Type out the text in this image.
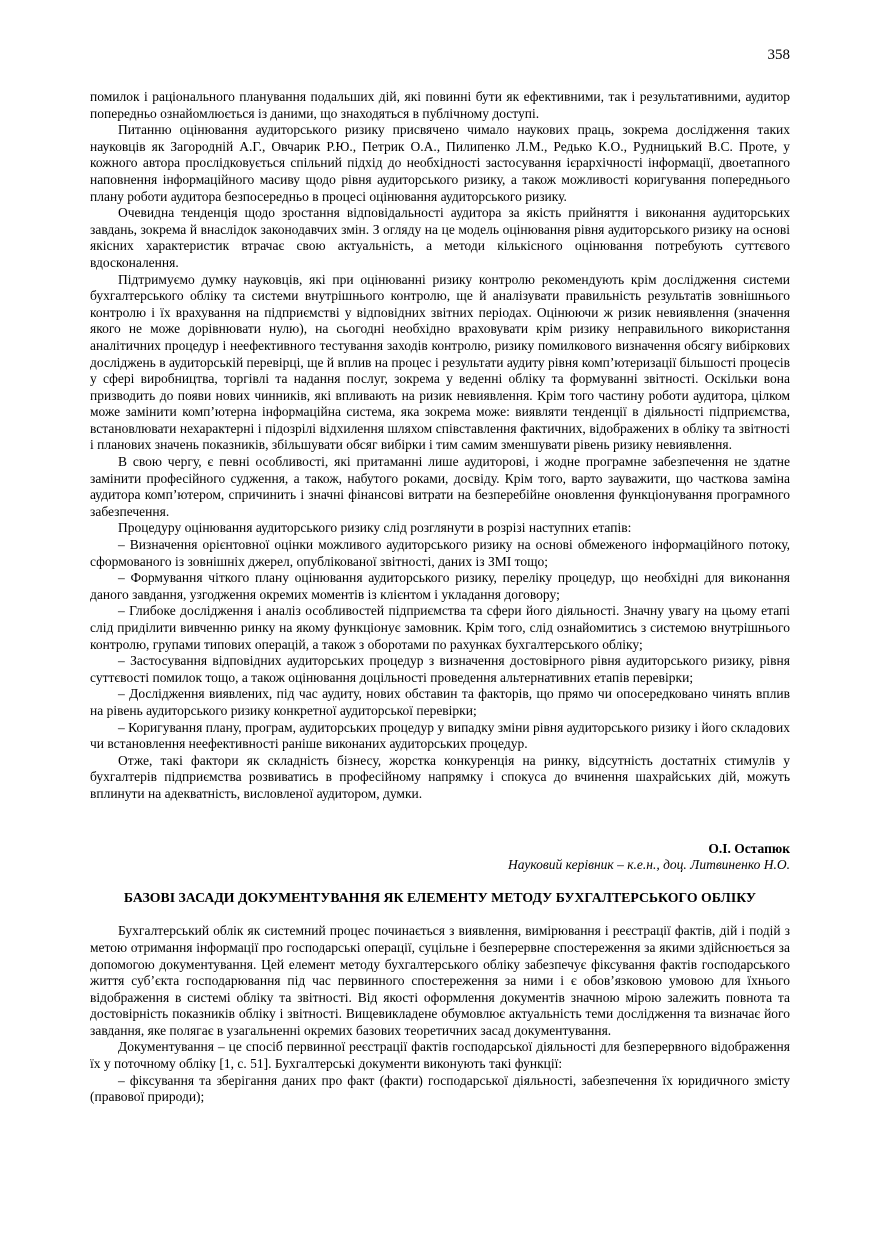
358

помилок і раціонального планування подальших дій, які повинні бути як ефективними, так і результативними, аудитор попередньо ознайомлюється із даними, що знаходяться в публічному доступі.

Питанню оцінювання аудиторського ризику присвячено чимало наукових праць, зокрема дослідження таких науковців як Загородній А.Г., Овчарик Р.Ю., Петрик О.А., Пилипенко Л.М., Редько К.О., Рудницький В.С. Проте, у кожного автора прослідковується спільний підхід до необхідності застосування ієрархічності інформації, двоетапного наповнення інформаційного масиву щодо рівня аудиторського ризику, а також можливості коригування попереднього плану роботи аудитора безпосередньо в процесі оцінювання аудиторського ризику.

Очевидна тенденція щодо зростання відповідальності аудитора за якість прийняття і виконання аудиторських завдань, зокрема й внаслідок законодавчих змін. З огляду на це модель оцінювання рівня аудиторського ризику на основі якісних характеристик втрачає свою актуальність, а методи кількісного оцінювання потребують суттєвого вдосконалення.

Підтримуємо думку науковців, які при оцінюванні ризику контролю рекомендують крім дослідження системи бухгалтерського обліку та системи внутрішнього контролю, ще й аналізувати правильність результатів зовнішнього контролю і їх врахування на підприємстві у відповідних звітних періодах. Оцінюючи ж ризик невиявлення (значення якого не може дорівнювати нулю), на сьогодні необхідно враховувати крім ризику неправильного використання аналітичних процедур і неефективного тестування заходів контролю, ризику помилкового визначення обсягу вибіркових досліджень в аудиторській перевірці, ще й вплив на процес і результати аудиту рівня комп’ютеризації більшості процесів у сфері виробництва, торгівлі та надання послуг, зокрема у веденні обліку та формуванні звітності. Оскільки вона призводить до появи нових чинників, які впливають на ризик невиявлення. Крім того частину роботи аудитора, цілком може замінити комп’ютерна інформаційна система, яка зокрема може: виявляти тенденції в діяльності підприємства, встановлювати нехарактерні і підозрілі відхилення шляхом співставлення фактичних, відображених в обліку та звітності і планових значень показників, збільшувати обсяг вибірки і тим самим зменшувати рівень ризику невиявлення.

В свою чергу, є певні особливості, які притаманні лише аудиторові, і жодне програмне забезпечення не здатне замінити професійного судження, а також, набутого роками, досвіду. Крім того, варто зауважити, що часткова заміна аудитора комп’ютером, спричинить і значні фінансові витрати на безперебійне оновлення функціонування програмного забезпечення.

Процедуру оцінювання аудиторського ризику слід розглянути в розрізі наступних етапів:

– Визначення орієнтовної оцінки можливого аудиторського ризику на основі обмеженого інформаційного потоку, сформованого із зовнішніх джерел, опублікованої звітності, даних із ЗМІ тощо;

– Формування чіткого плану оцінювання аудиторського ризику, переліку процедур, що необхідні для виконання даного завдання, узгодження окремих моментів із клієнтом і укладання договору;

– Глибоке дослідження і аналіз особливостей підприємства та сфери його діяльності. Значну увагу на цьому етапі слід приділити вивченню ринку на якому функціонує замовник. Крім того, слід ознайомитись з системою внутрішнього контролю, групами типових операцій, а також з оборотами по рахунках бухгалтерського обліку;

– Застосування відповідних аудиторських процедур з визначення достовірного рівня аудиторського ризику, рівня суттєвості помилок тощо, а також оцінювання доцільності проведення альтернативних етапів перевірки;

– Дослідження виявлених, під час аудиту, нових обставин та факторів, що прямо чи опосередковано чинять вплив на рівень аудиторського ризику конкретної аудиторської перевірки;

– Коригування плану, програм, аудиторських процедур у випадку зміни рівня аудиторського ризику і його складових чи встановлення неефективності раніше виконаних аудиторських процедур.

Отже, такі фактори як складність бізнесу, жорстка конкуренція на ринку, відсутність достатніх стимулів у бухгалтерів підприємства розвиватись в професійному напрямку і спокуса до вчинення шахрайських дій, можуть вплинути на адекватність, висловленої аудитором, думки.

О.І. Остапюк
Науковий керівник – к.е.н., доц. Литвиненко Н.О.
БАЗОВІ ЗАСАДИ ДОКУМЕНТУВАННЯ ЯК ЕЛЕМЕНТУ МЕТОДУ БУХГАЛТЕРСЬКОГО ОБЛІКУ

Бухгалтерський облік як системний процес починається з виявлення, вимірювання і реєстрації фактів, дій і подій з метою отримання інформації про господарські операції, суцільне і безперервне спостереження за якими здійснюється за допомогою документування. Цей елемент методу бухгалтерського обліку забезпечує фіксування фактів господарського життя суб’єкта господарювання під час первинного спостереження за ними і є обов’язковою умовою для їхнього відображення в системі обліку та звітності. Від якості оформлення документів значною мірою залежить повнота та достовірність показників обліку і звітності. Вищевикладене обумовлює актуальність теми дослідження та визначає його завдання, яке полягає в узагальненні окремих базових теоретичних засад документування.

Документування – це спосіб первинної реєстрації фактів господарської діяльності для безперервного відображення їх у поточному обліку [1, с. 51]. Бухгалтерські документи виконують такі функції:

– фіксування та зберігання даних про факт (факти) господарської діяльності, забезпечення їх юридичного змісту (правової природи);
